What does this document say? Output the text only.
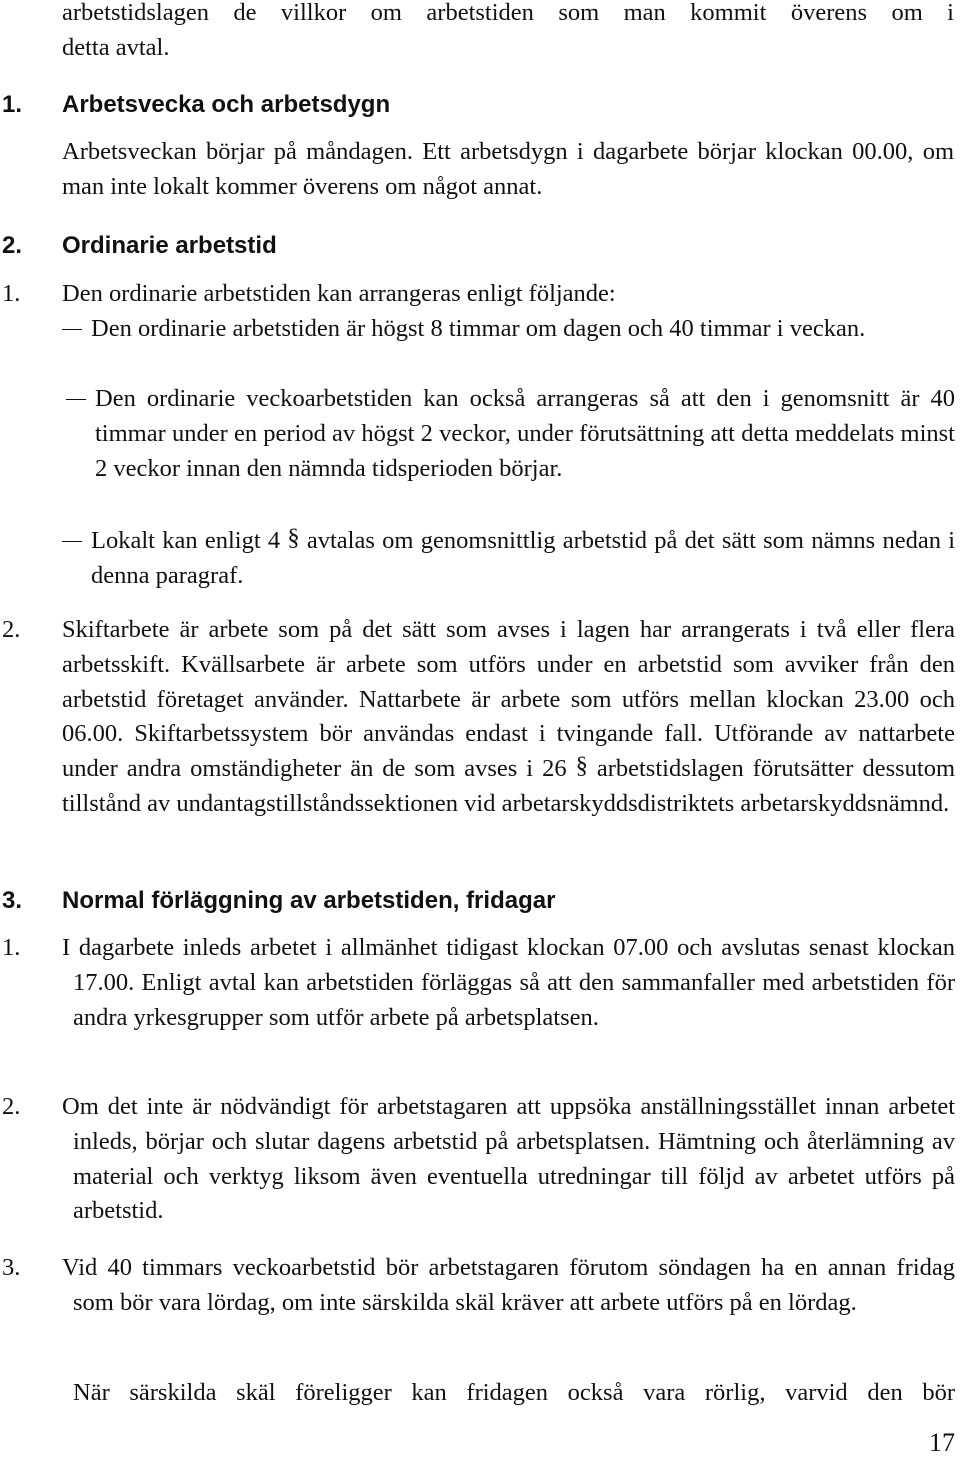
arbetstidslagen de villkor om arbetstiden som man kommit överens om i
detta avtal.
1. Arbetsvecka och arbetsdygn
Arbetsveckan börjar på måndagen. Ett arbetsdygn i dagarbete börjar klockan 00.00, om man inte lokalt kommer överens om något annat.
2. Ordinarie arbetstid
1. Den ordinarie arbetstiden kan arrangeras enligt följande:
Den ordinarie arbetstiden är högst 8 timmar om dagen och 40 timmar i veckan.
Den ordinarie veckoarbetstiden kan också arrangeras så att den i genomsnitt är 40 timmar under en period av högst 2 veckor, under förutsättning att detta meddelats minst 2 veckor innan den nämnda tidsperioden börjar.
Lokalt kan enligt 4 § avtalas om genomsnittlig arbetstid på det sätt som nämns nedan i denna paragraf.
2. Skiftarbete är arbete som på det sätt som avses i lagen har arrangerats i två eller flera arbetsskift. Kvällsarbete är arbete som utförs under en arbetstid som avviker från den arbetstid företaget använder. Nattarbete är arbete som utförs mellan klockan 23.00 och 06.00. Skiftarbetssystem bör användas endast i tvingande fall. Utförande av nattarbete under andra omständigheter än de som avses i 26 § arbetstidslagen förutsätter dessutom tillstånd av undantagstillståndssektionen vid arbetarskyddsdistriktets arbetarskyddsnämnd.
3. Normal förläggning av arbetstiden, fridagar
1. I dagarbete inleds arbetet i allmänhet tidigast klockan 07.00 och avslutas senast klockan 17.00. Enligt avtal kan arbetstiden förläggas så att den sammanfaller med arbetstiden för andra yrkesgrupper som utför arbete på arbetsplatsen.
2. Om det inte är nödvändigt för arbetstagaren att uppsöka anställningsstället innan arbetet inleds, börjar och slutar dagens arbetstid på arbetsplatsen. Hämtning och återlämning av material och verktyg liksom även eventuella utredningar till följd av arbetet utförs på arbetstid.
3. Vid 40 timmars veckoarbetstid bör arbetstagaren förutom söndagen ha en annan fridag som bör vara lördag, om inte särskilda skäl kräver att arbete utförs på en lördag.
När särskilda skäl föreligger kan fridagen också vara rörlig, varvid den bör
17
